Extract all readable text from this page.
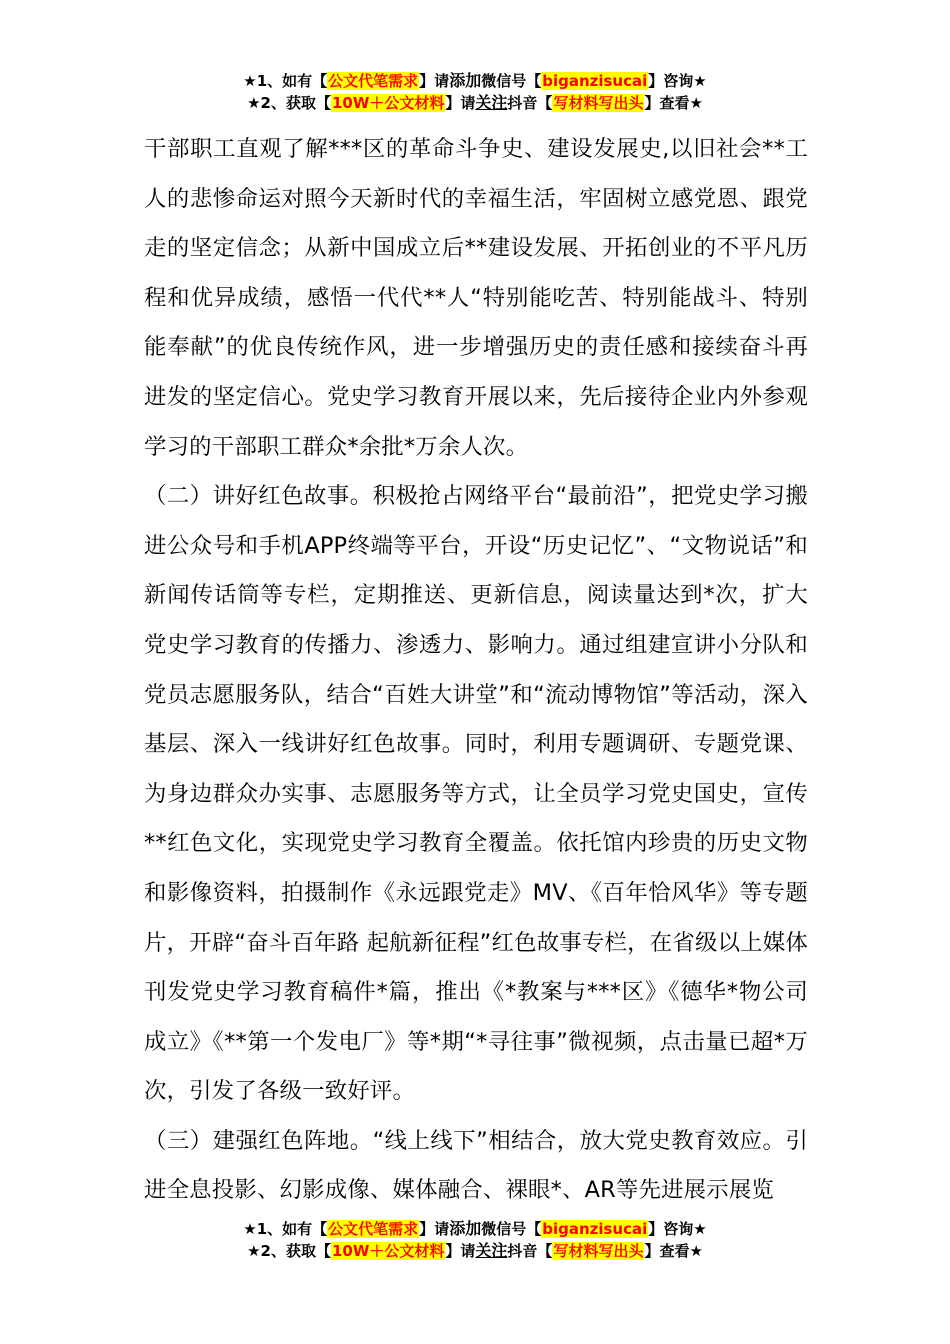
★1、如有【公文代笔需求】请添加微信号【biganzisucai】咨询★
★2、获取【10W＋公文材料】请关注抖音【写材料写出头】查看★

干部职工直观了解***区的革命斗争史、建设发展史,以旧社会**工人的悲惨命运对照今天新时代的幸福生活，牢固树立感党恩、跟党走的坚定信念；从新中国成立后**建设发展、开拓创业的不平凡历程和优异成绩，感悟一代代**人“特别能吃苦、特别能战斗、特别能奉献”的优良传统作风，进一步增强历史的责任感和接续奋斗再进发的坚定信心。党史学习教育开展以来，先后接待企业内外参观学习的干部职工群众*余批*万余人次。

（二）讲好红色故事。积极抢占网络平台“最前沿”，把党史学习搬进公众号和手机APP终端等平台，开设“历史记忆”、“文物说话”和新闻传话筒等专栏，定期推送、更新信息，阅读量达到*次，扩大党史学习教育的传播力、渗透力、影响力。通过组建宣讲小分队和党员志愿服务队，结合“百姓大讲堂”和“流动博物馆”等活动，深入基层、深入一线讲好红色故事。同时，利用专题调研、专题党课、为身边群众办实事、志愿服务等方式，让全员学习党史国史，宣传**红色文化，实现党史学习教育全覆盖。依托馆内珍贵的历史文物和影像资料，拍摄制作《永远跟党走》MV、《百年恰风华》等专题片，开辟“奋斗百年路 起航新征程”红色故事专栏，在省级以上媒体刊发党史学习教育稿件*篇，推出《*教案与***区》《德华*物公司成立》《**第一个发电厂》等*期“*寻往事”微视频，点击量已超*万次，引发了各级一致好评。

（三）建强红色阵地。“线上线下”相结合，放大党史教育效应。引进全息投影、幻影成像、媒体融合、裸眼*、AR等先进展示展览

★1、如有【公文代笔需求】请添加微信号【biganzisucai】咨询★
★2、获取【10W＋公文材料】请关注抖音【写材料写出头】查看★
